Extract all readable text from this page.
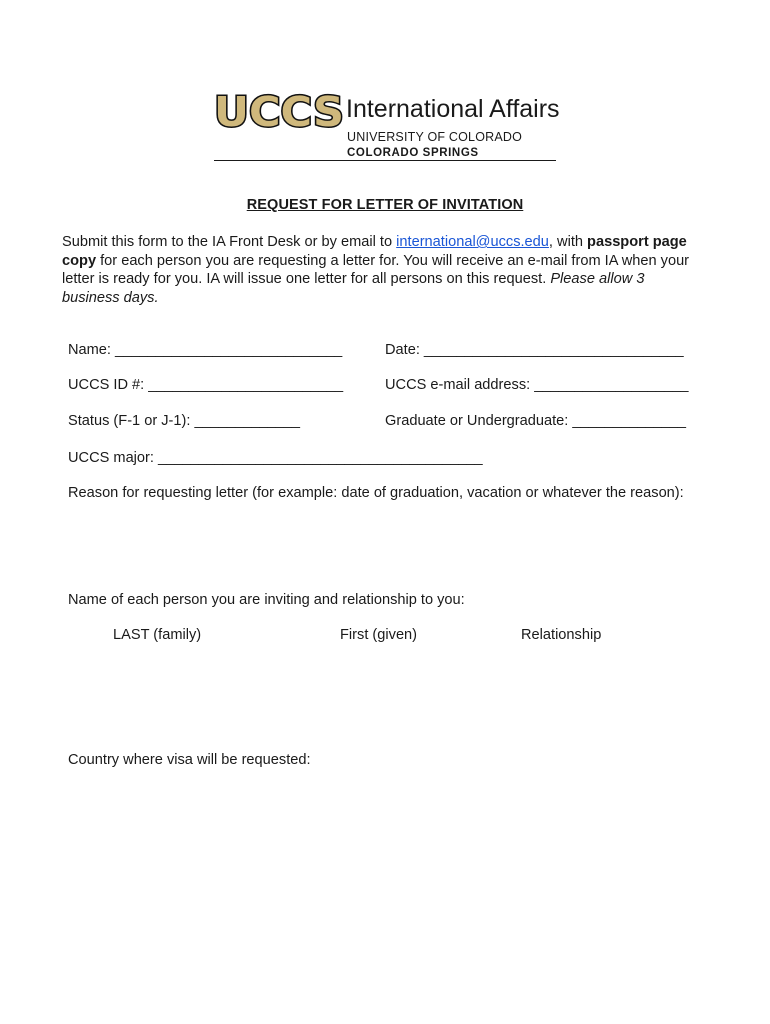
UCCS International Affairs
UNIVERSITY OF COLORADO
COLORADO SPRINGS
REQUEST FOR LETTER OF INVITATION
Submit this form to the IA Front Desk or by email to international@uccs.edu, with passport page copy for each person you are requesting a letter for. You will receive an e-mail from IA when your letter is ready for you. IA will issue one letter for all persons on this request. Please allow 3 business days.
Name: ____________________________	Date: ________________________________
UCCS ID #: ________________________	UCCS e-mail address: ___________________
Status (F-1 or J-1): _____________	Graduate or Undergraduate: ______________
UCCS major: ________________________________________
Reason for requesting letter (for example: date of graduation, vacation or whatever the reason):
Name of each person you are inviting and relationship to you:
LAST (family)	First (given)	Relationship
Country where visa will be requested:
